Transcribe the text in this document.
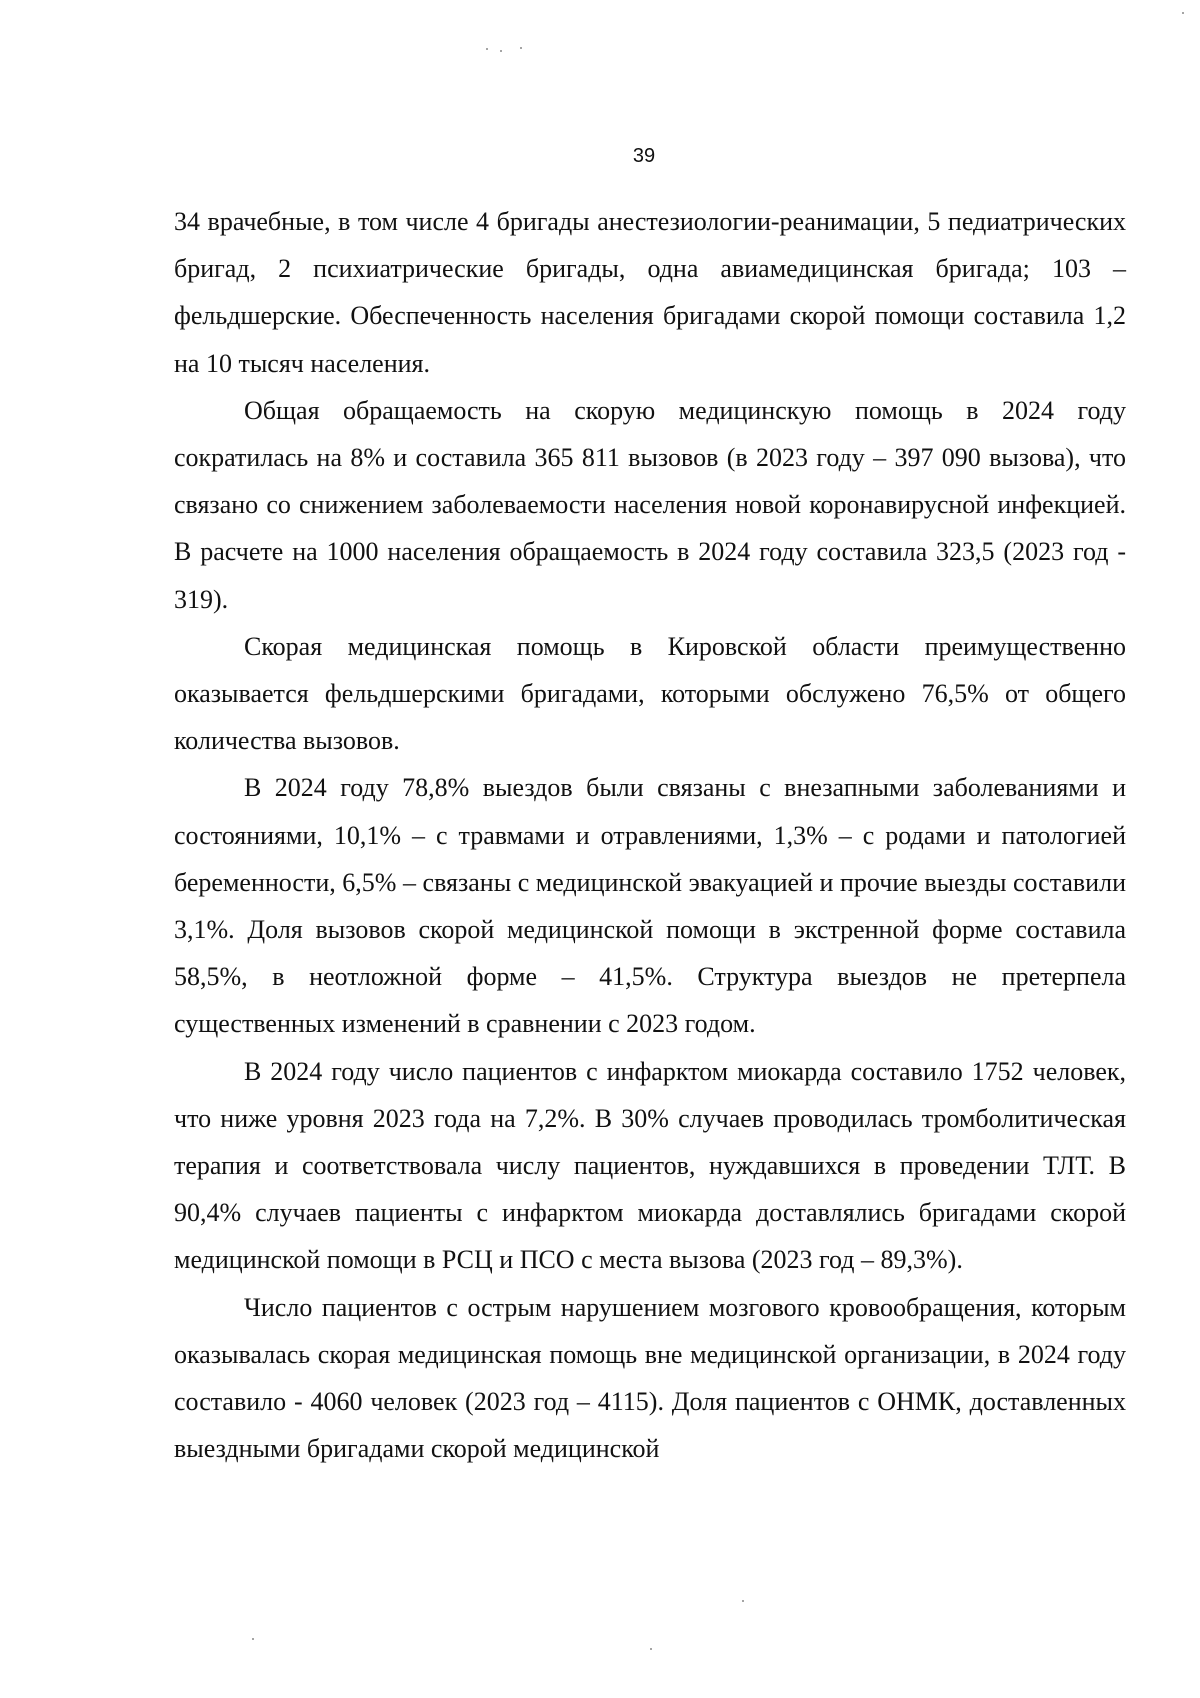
39

34 врачебные, в том числе 4 бригады анестезиологии-реанимации, 5 педиатрических бригад, 2 психиатрические бригады, одна авиамедицинская бригада; 103 – фельдшерские. Обеспеченность населения бригадами скорой помощи составила 1,2 на 10 тысяч населения.

Общая обращаемость на скорую медицинскую помощь в 2024 году сократилась на 8% и составила 365 811 вызовов (в 2023 году – 397 090 вызова), что связано со снижением заболеваемости населения новой коронавирусной инфекцией. В расчете на 1000 населения обращаемость в 2024 году составила 323,5 (2023 год - 319).

Скорая медицинская помощь в Кировской области преимущественно оказывается фельдшерскими бригадами, которыми обслужено 76,5% от общего количества вызовов.

В 2024 году 78,8% выездов были связаны с внезапными заболеваниями и состояниями, 10,1% – с травмами и отравлениями, 1,3% – с родами и патологией беременности, 6,5% – связаны с медицинской эвакуацией и прочие выезды составили 3,1%. Доля вызовов скорой медицинской помощи в экстренной форме составила 58,5%, в неотложной форме – 41,5%. Структура выездов не претерпела существенных изменений в сравнении с 2023 годом.

В 2024 году число пациентов с инфарктом миокарда составило 1752 человек, что ниже уровня 2023 года на 7,2%. В 30% случаев проводилась тромболитическая терапия и соответствовала числу пациентов, нуждавшихся в проведении ТЛТ. В 90,4% случаев пациенты с инфарктом миокарда доставлялись бригадами скорой медицинской помощи в РСЦ и ПСО с места вызова (2023 год – 89,3%).

Число пациентов с острым нарушением мозгового кровообращения, которым оказывалась скорая медицинская помощь вне медицинской организации, в 2024 году составило - 4060 человек (2023 год – 4115). Доля пациентов с ОНМК, доставленных выездными бригадами скорой медицинской
